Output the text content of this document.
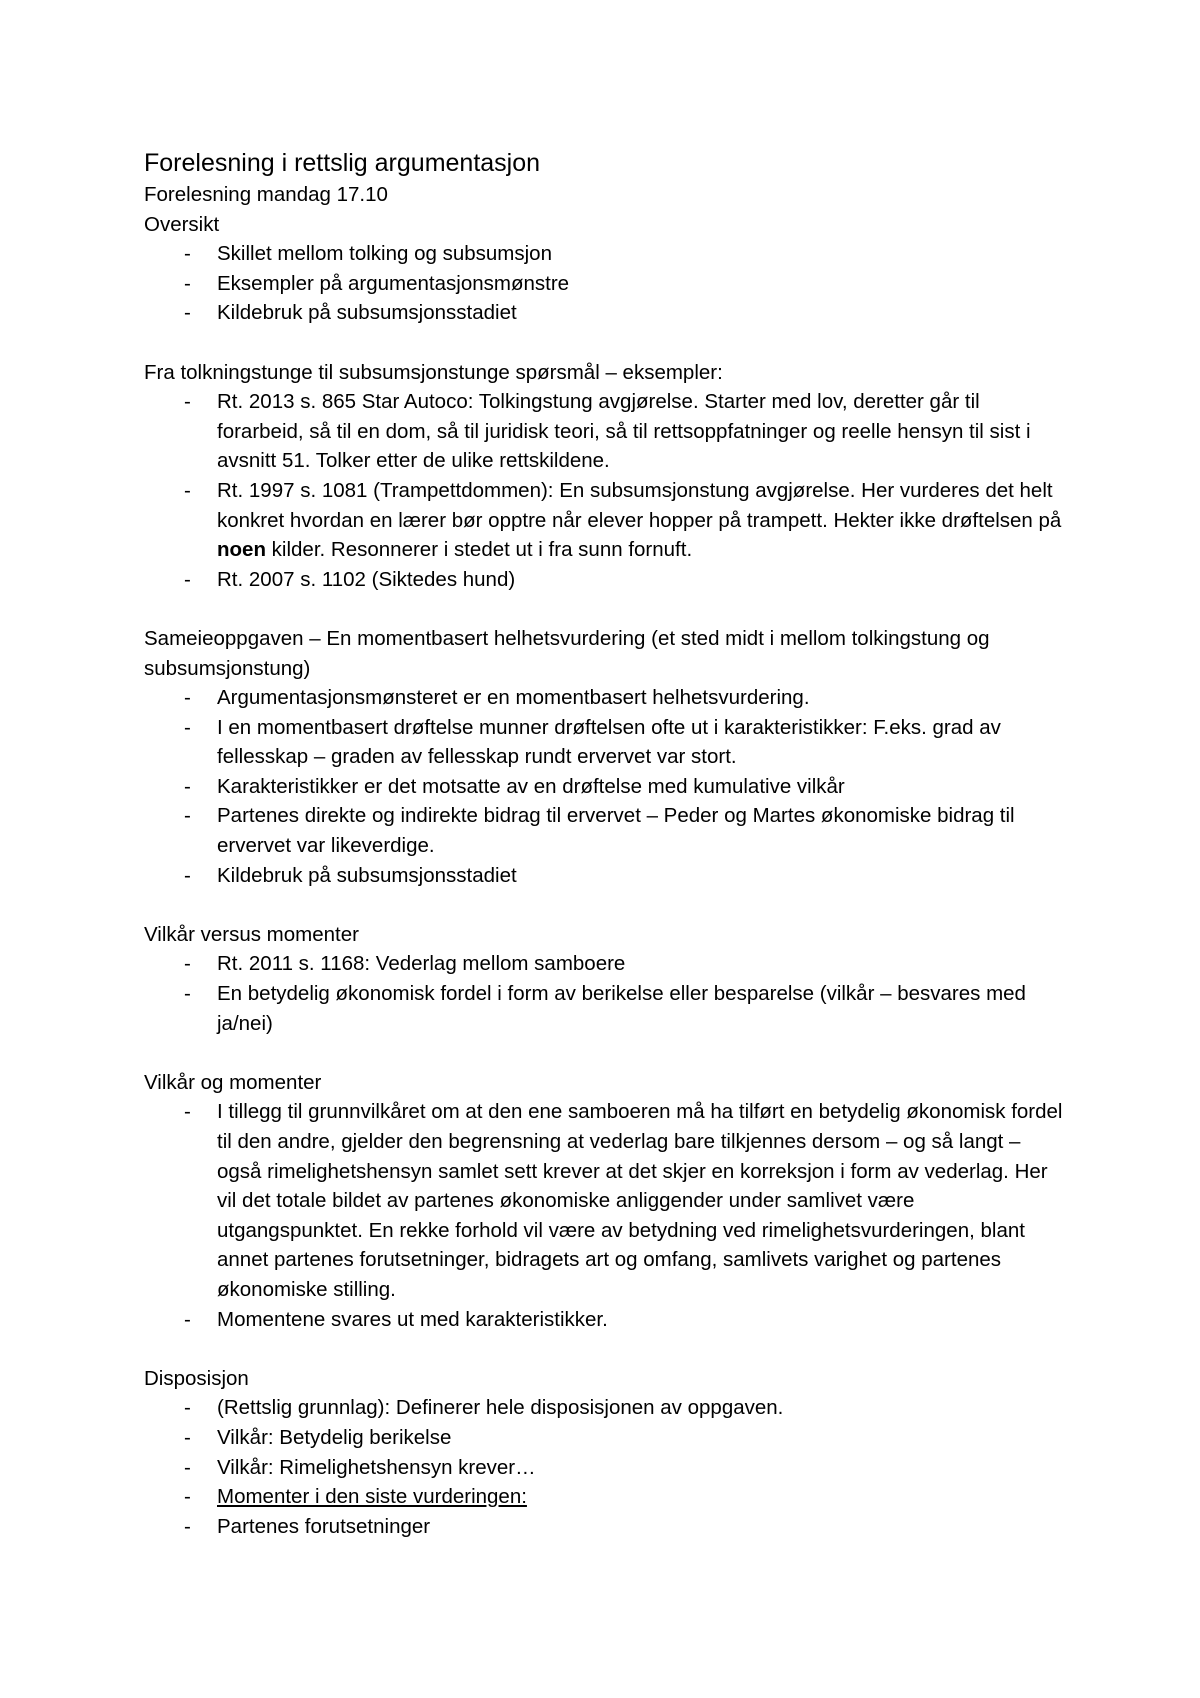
Forelesning i rettslig argumentasjon

Forelesning mandag 17.10

Oversikt

- Skillet mellom tolking og subsumsjon
- Eksempler på argumentasjonsmønstre
- Kildebruk på subsumsjonsstadiet

Fra tolkningstunge til subsumsjonstunge spørsmål – eksempler:

- Rt. 2013 s. 865 Star Autoco: Tolkingstung avgjørelse. Starter med lov, deretter går til forarbeid, så til en dom, så til juridisk teori, så til rettsoppfatninger og reelle hensyn til sist i avsnitt 51. Tolker etter de ulike rettskildene.
- Rt. 1997 s. 1081 (Trampettdommen): En subsumsjonstung avgjørelse. Her vurderes det helt konkret hvordan en lærer bør opptre når elever hopper på trampett. Hekter ikke drøftelsen på noen kilder. Resonnerer i stedet ut i fra sunn fornuft.
- Rt. 2007 s. 1102 (Siktedes hund)

Sameieoppgaven – En momentbasert helhetsvurdering (et sted midt i mellom tolkingstung og subsumsjonstung)

- Argumentasjonsmønsteret er en momentbasert helhetsvurdering.
- I en momentbasert drøftelse munner drøftelsen ofte ut i karakteristikker: F.eks. grad av fellesskap – graden av fellesskap rundt ervervet var stort.
- Karakteristikker er det motsatte av en drøftelse med kumulative vilkår
- Partenes direkte og indirekte bidrag til ervervet – Peder og Martes økonomiske bidrag til ervervet var likeverdige.
- Kildebruk på subsumsjonsstadiet

Vilkår versus momenter

- Rt. 2011 s. 1168: Vederlag mellom samboere
- En betydelig økonomisk fordel i form av berikelse eller besparelse (vilkår – besvares med ja/nei)

Vilkår og momenter

- I tillegg til grunnvilkåret om at den ene samboeren må ha tilført en betydelig økonomisk fordel til den andre, gjelder den begrensning at vederlag bare tilkjennes dersom – og så langt – også rimelighetshensyn samlet sett krever at det skjer en korreksjon i form av vederlag. Her vil det totale bildet av partenes økonomiske anliggender under samlivet være utgangspunktet. En rekke forhold vil være av betydning ved rimelighetsvurderingen, blant annet partenes forutsetninger, bidragets art og omfang, samlivets varighet og partenes økonomiske stilling.
- Momentene svares ut med karakteristikker.

Disposisjon

- (Rettslig grunnlag): Definerer hele disposisjonen av oppgaven.
- Vilkår: Betydelig berikelse
- Vilkår: Rimelighetshensyn krever…
- Momenter i den siste vurderingen:
- Partenes forutsetninger
